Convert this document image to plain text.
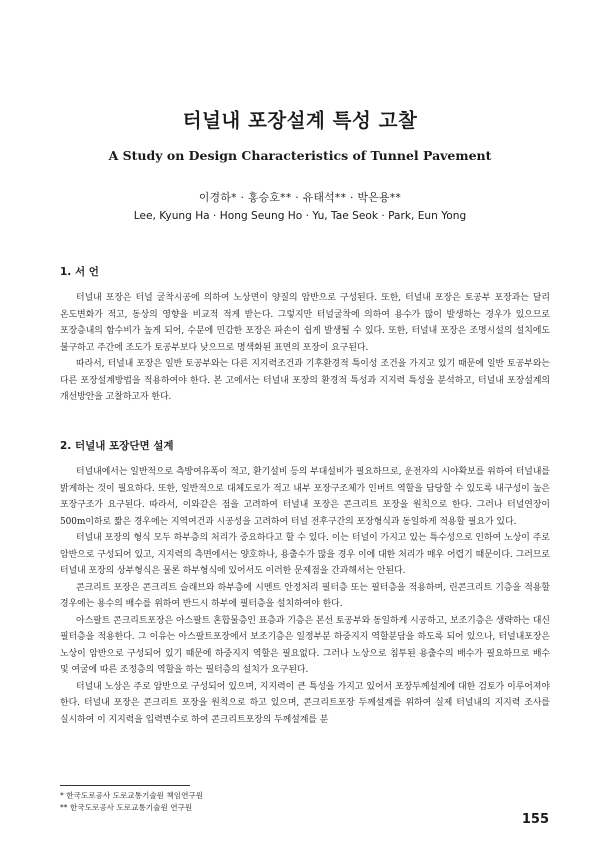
터널내 포장설계 특성 고찰
A Study on Design Characteristics of Tunnel Pavement
이경하* · 홍승호** · 유태석** · 박은용**
Lee, Kyung Ha · Hong Seung Ho · Yu, Tae Seok · Park, Eun Yong
1. 서 언

터널내 포장은 터널 굴착시공에 의하여 노상면이 양질의 암반으로 구성된다. 또한, 터널내 포장은 토공부 포장과는 달리 온도변화가 적고, 동상의 영향을 비교적 적게 받는다. 그렇지만 터널굴착에 의하여 용수가 많이 발생하는 경우가 있으므로 포장층내의 함수비가 높게 되어, 수분에 민감한 포장은 파손이 쉽게 발생될 수 있다. 또한, 터널내 포장은 조명시설의 설치에도 불구하고 주간에 조도가 토공부보다 낮으므로 명색화된 표면의 포장이 요구된다.

따라서, 터널내 포장은 일반 토공부와는 다른 지지력조건과 기후환경적 특이성 조건을 가지고 있기 때문에 일반 토공부와는 다른 포장설계방법을 적용하여야 한다. 본 고에서는 터널내 포장의 환경적 특성과 지지력 특성을 분석하고, 터널내 포장설계의 개선방안을 고찰하고자 한다.

2. 터널내 포장단면 설계

터널내에서는 일반적으로 측방여유폭이 적고, 환기설비 등의 부대설비가 필요하므로, 운전자의 시야확보를 위하여 터널내를 밝게하는 것이 필요하다. 또한, 일반적으로 대체도로가 적고 내부 포장구조체가 인버트 역할을 담당할 수 있도록 내구성이 높은 포장구조가 요구된다. 따라서, 이와같은 점을 고려하여 터널내 포장은 콘크리트 포장을 원칙으로 한다. 그러나 터널연장이 500m이하로 짧은 경우에는 지역여건과 시공성을 고려하여 터널 전후구간의 포장형식과 동일하게 적용할 필요가 있다.

터널내 포장의 형식 모두 하부층의 처리가 중요하다고 할 수 있다. 이는 터널이 가지고 있는 특수성으로 인하여 노상이 주로 암반으로 구성되어 있고, 지지력의 측면에서는 양호하나, 용출수가 많을 경우 이에 대한 처리가 매우 어렵기 때문이다. 그러므로 터널내 포장의 상부형식은 물론 하부형식에 있어서도 이러한 문제점을 간과해서는 안된다.

콘크리트 포장은 콘크리트 슬래브와 하부층에 시멘트 안정처리 필터층 또는 필터층을 적용하며, 린콘크리트 기층을 적용할 경우에는 용수의 배수를 위하여 반드시 하부에 필터층을 설치하여야 한다.

아스팔트 콘크리트포장은 아스팔트 혼합물층인 표층과 기층은 본선 토공부와 동일하게 시공하고, 보조기층은 생략하는 대신 필터층을 적용한다. 그 이유는 아스팔트포장에서 보조기층은 일정부분 하중지지 역할분담을 하도록 되어 있으나, 터널내포장은 노상이 암반으로 구성되어 있기 때문에 하중지지 역할은 필요없다. 그러나 노상으로 침투된 용출수의 배수가 필요하므로 배수 및 여굴에 따른 조정층의 역할을 하는 필터층의 설치가 요구된다.

터널내 노상은 주로 암반으로 구성되어 있으며, 지지력이 큰 특성을 가지고 있어서 포장두께설계에 대한 검토가 이루어져야 한다. 터널내 포장은 콘크리트 포장을 원칙으로 하고 있으며, 콘크리트포장 두께설계를 위하여 실제 터널내의 지지력 조사를 실시하여 이 지지력을 입력변수로 하여 콘크리트포장의 두께설계를 분

* 한국도로공사 도로교통기술원 책임연구원
** 한국도로공사 도로교통기술원 연구원
155
